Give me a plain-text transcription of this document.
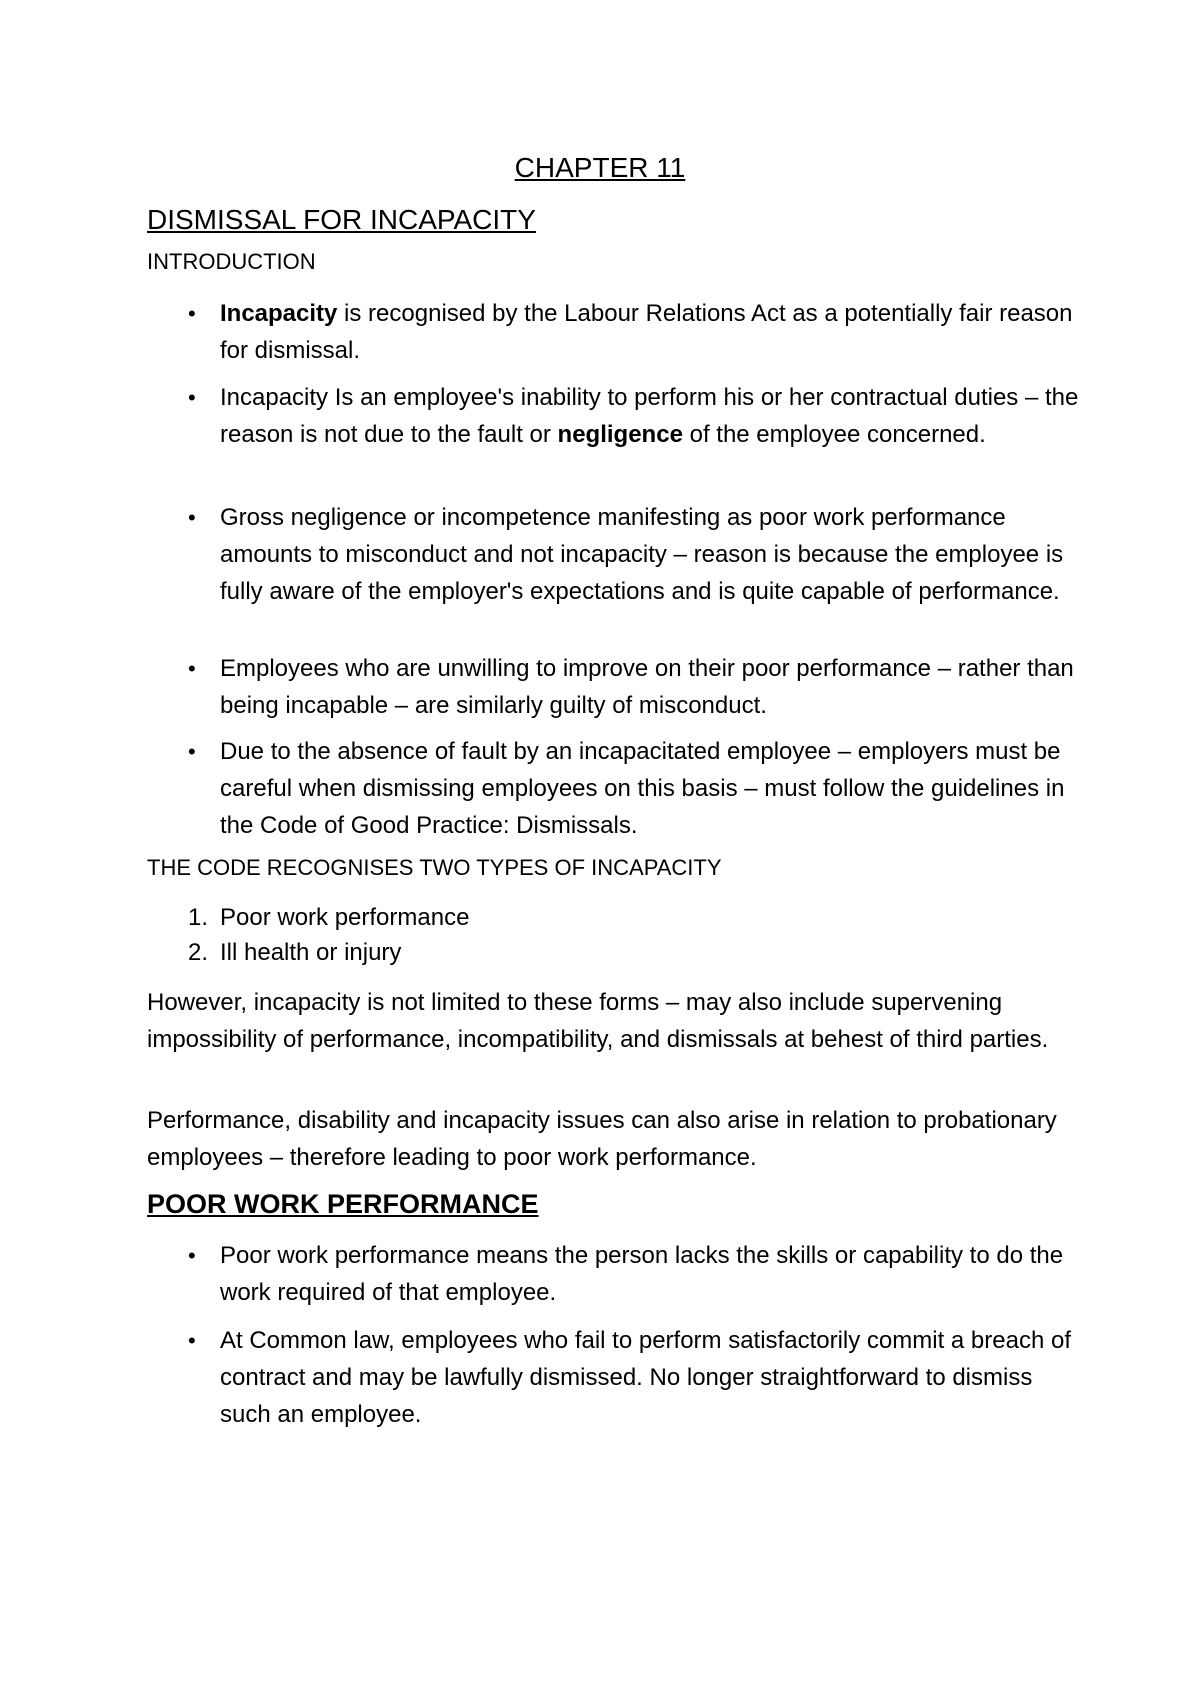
CHAPTER 11

DISMISSAL FOR INCAPACITY

INTRODUCTION

•	Incapacity is recognised by the Labour Relations Act as a potentially fair reason for dismissal.

•	Incapacity Is an employee's inability to perform his or her contractual duties – the reason is not due to the fault or negligence of the employee concerned.

•	Gross negligence or incompetence manifesting as poor work performance amounts to misconduct and not incapacity – reason is because the employee is fully aware of the employer's expectations and is quite capable of performance.

•	Employees who are unwilling to improve on their poor performance – rather than being incapable – are similarly guilty of misconduct.

•	Due to the absence of fault by an incapacitated employee – employers must be careful when dismissing employees on this basis – must follow the guidelines in the Code of Good Practice: Dismissals.

THE CODE RECOGNISES TWO TYPES OF INCAPACITY

1. Poor work performance

2. Ill health or injury

However, incapacity is not limited to these forms – may also include supervening impossibility of performance, incompatibility, and dismissals at behest of third parties.

Performance, disability and incapacity issues can also arise in relation to probationary employees – therefore leading to poor work performance.

POOR WORK PERFORMANCE

•	Poor work performance means the person lacks the skills or capability to do the work required of that employee.

•	At Common law, employees who fail to perform satisfactorily commit a breach of contract and may be lawfully dismissed. No longer straightforward to dismiss such an employee.
